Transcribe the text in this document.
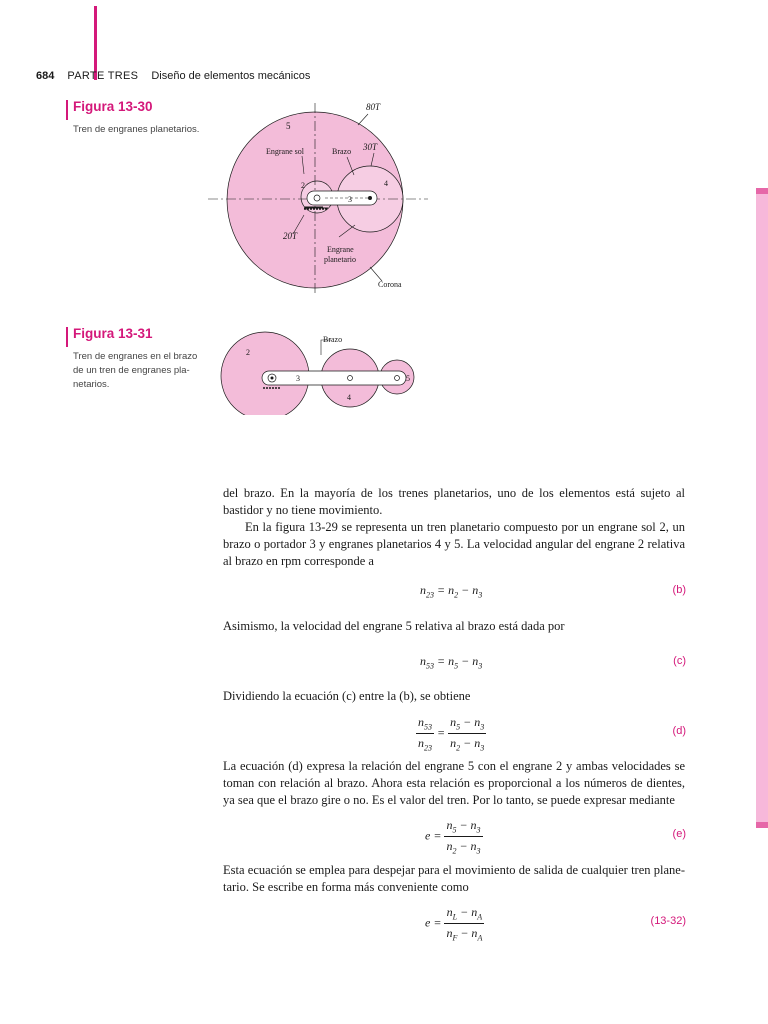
684 PARTE TRES Diseño de elementos mecánicos
Figura 13-30
Tren de engranes planetarios.
80T
5
Engrane sol	Brazo 30T
2	4
3
20T
Engrane
planetario
Corona
Figura 13-31
Tren de engranes en el brazo de un tren de engranes pla-netarios.
Brazo
2
3
4
5

del brazo. En la mayoría de los trenes planetarios, uno de los elementos está sujeto al bastidor y no tiene movimiento.

En la figura 13-29 se representa un tren planetario compuesto por un engrane sol 2, un brazo o portador 3 y engranes planetarios 4 y 5. La velocidad angular del engrane 2 relativa al brazo en rpm corresponde a

$n_{23} = n_2 - n_3$	(b)

Asimismo, la velocidad del engrane 5 relativa al brazo está dada por

$n_{53} = n_5 - n_3$	(c)

Dividiendo la ecuación (c) entre la (b), se obtiene

$\frac{n_{53}}{n_{23}} = \frac{n_5 - n_3}{n_2 - n_3}$	(d)

La ecuación (d) expresa la relación del engrane 5 con el engrane 2 y ambas velocidades se toman con relación al brazo. Ahora esta relación es proporcional a los números de dientes, ya sea que el brazo gire o no. Es el valor del tren. Por lo tanto, se puede expresar mediante

$e = \frac{n_5 - n_3}{n_2 - n_3}$	(e)

Esta ecuación se emplea para despejar para el movimiento de salida de cualquier tren plane-tario. Se escribe en forma más conveniente como

$e = \frac{n_L - n_A}{n_F - n_A}$	(13-32)
